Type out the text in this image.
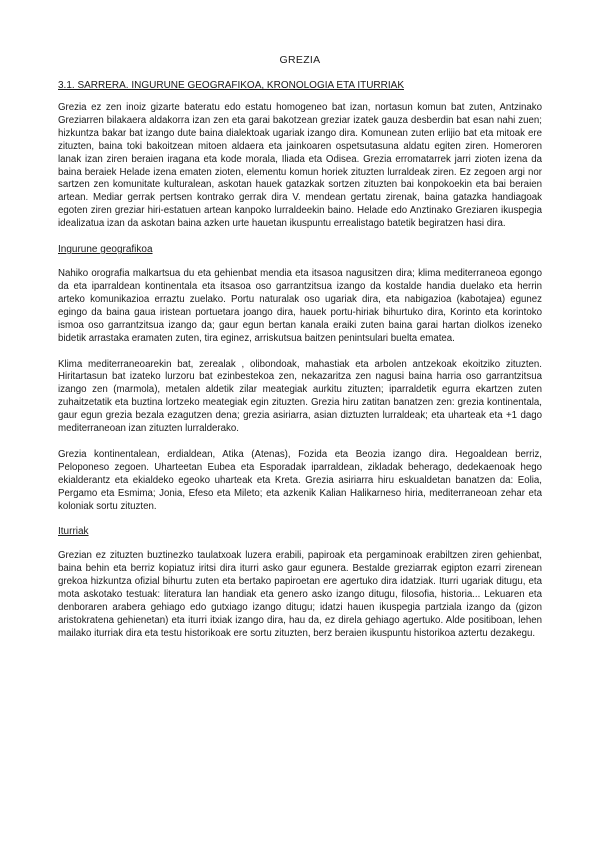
GREZIA
3.1. SARRERA. INGURUNE GEOGRAFIKOA, KRONOLOGIA ETA ITURRIAK

Grezia ez zen inoiz gizarte bateratu edo estatu homogeneo bat izan, nortasun komun bat zuten, Antzinako Greziarren bilakaera aldakorra izan zen eta garai bakotzean greziar izatek gauza desberdin bat esan nahi zuen; hizkuntza bakar bat izango dute baina dialektoak ugariak izango dira. Komunean zuten erlijio bat eta mitoak ere zituzten, baina toki bakoitzean mitoen aldaera eta jainkoaren ospetsutasuna aldatu egiten ziren. Homeroren lanak izan ziren beraien iragana eta kode morala, Iliada eta Odisea. Grezia erromatarrek jarri zioten izena da baina beraiek Helade izena ematen zioten, elementu komun horiek zituzten lurraldeak ziren. Ez zegoen argi nor sartzen zen komunitate kulturalean, askotan hauek gatazkak sortzen zituzten bai konpokoekin eta bai beraien artean. Mediar gerrak pertsen kontrako gerrak dira V. mendean gertatu zirenak, baina gatazka handiagoak egoten ziren greziar hiri-estatuen artean kanpoko lurraldeekin baino. Helade edo Anztinako Greziaren ikuspegia idealizatua izan da askotan baina azken urte hauetan ikuspuntu errealistago batetik begiratzen hasi dira.

Ingurune geografikoa

Nahiko orografia malkartsua du eta gehienbat mendia eta itsasoa nagusitzen dira; klima mediterraneoa egongo da eta iparraldean kontinentala eta itsasoa oso garrantzitsua izango da kostalde handia duelako eta herrin arteko komunikazioa erraztu zuelako. Portu naturalak oso ugariak dira, eta nabigazioa (kabotajea) egunez egingo da baina gaua iristean portuetara joango dira, hauek portu-hiriak bihurtuko dira, Korinto eta korintoko ismoa oso garrantzitsua izango da; gaur egun bertan kanala eraiki zuten baina garai hartan diolkos izeneko bidetik arrastaka eramaten zuten, tira eginez, arriskutsua baitzen penintsulari buelta ematea.

Klima mediterraneoarekin bat, zerealak , olibondoak, mahastiak eta arbolen antzekoak ekoitziko zituzten. Hiritartasun bat izateko lurzoru bat ezinbestekoa zen, nekazaritza zen nagusi baina harria oso garrantzitsua izango zen (marmola), metalen aldetik zilar meategiak aurkitu zituzten; iparraldetik egurra ekartzen zuten zuhaitzetatik eta buztina lortzeko meategiak egin zituzten. Grezia hiru zatitan banatzen zen: grezia kontinentala, gaur egun grezia bezala ezagutzen dena; grezia asiriarra, asian diztuzten lurraldeak; eta uharteak eta +1 dago mediterraneoan izan zituzten lurralderako.

Grezia kontinentalean, erdialdean, Atika (Atenas), Fozida eta Beozia izango dira. Hegoaldean berriz, Peloponeso zegoen. Uharteetan Eubea eta Esporadak iparraldean, zikladak beherago, dedekaenoak hego ekialderantz eta ekialdeko egeoko uharteak eta Kreta. Grezia asiriarra hiru eskualdetan banatzen da: Eolia, Pergamo eta Esmima; Jonia, Efeso eta Mileto; eta azkenik Kalian Halikarneso hiria, mediterraneoan zehar eta koloniak sortu zituzten.

Iturriak

Grezian ez zituzten buztinezko taulatxoak luzera erabili, papiroak eta pergaminoak erabiltzen ziren gehienbat, baina behin eta berriz kopiatuz iritsi dira iturri asko gaur egunera. Bestalde greziarrak egipton ezarri zirenean grekoa hizkuntza ofizial bihurtu zuten eta bertako papiroetan ere agertuko dira idatziak. Iturri ugariak ditugu, eta mota askotako testuak: literatura lan handiak eta genero asko izango ditugu, filosofia, historia... Lekuaren eta denboraren arabera gehiago edo gutxiago izango ditugu; idatzi hauen ikuspegia partziala izango da (gizon aristokratena gehienetan) eta iturri itxiak izango dira, hau da, ez direla gehiago agertuko. Alde positiboan, lehen mailako iturriak dira eta testu historikoak ere sortu zituzten, berz beraien ikuspuntu historikoa aztertu dezakegu.
